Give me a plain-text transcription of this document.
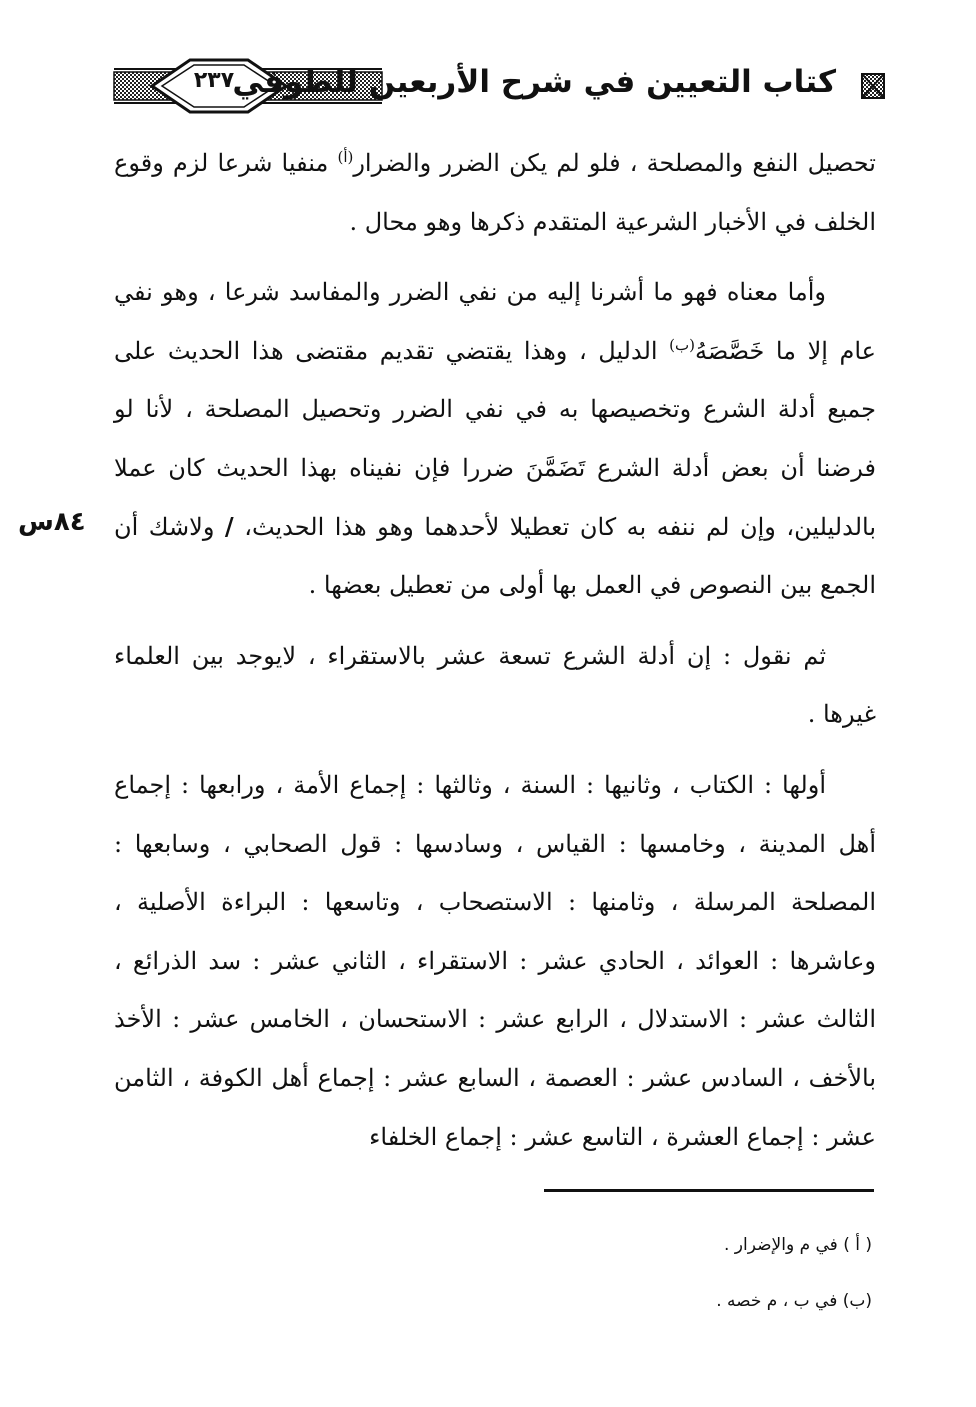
كتاب التعيين في شرح الأربعين للطوفي
٢٣٧

تحصيل النفع والمصلحة ، فلو لم يكن الضرر والضرار$^{(أ)}$ منفيا شرعا لزم وقوع الخلف في الأخبار الشرعية المتقدم ذكرها وهو محال .

وأما معناه فهو ما أشرنا إليه من نفي الضرر والمفاسد شرعا ، وهو نفي عام إلا ما خَصَّصَهُ$^{(ب)}$ الدليل ، وهذا يقتضي تقديم مقتضى هذا الحديث على جميع أدلة الشرع وتخصيصها به في نفي الضرر وتحصيل المصلحة ، لأنا لو فرضنا أن بعض أدلة الشرع تَضَمَّنَ ضررا فإن نفيناه بهذا الحديث كان عملا بالدليلين، وإن لم ننفه به كان تعطيلا لأحدهما وهو هذا الحديث، / ولاشك أن الجمع بين النصوص في العمل بها أولى من تعطيل بعضها .

ثم نقول : إن أدلة الشرع تسعة عشر بالاستقراء ، لايوجد بين العلماء غيرها .

أولها : الكتاب ، وثانيها : السنة ، وثالثها : إجماع الأمة ، ورابعها : إجماع أهل المدينة ، وخامسها : القياس ، وسادسها : قول الصحابي ، وسابعها : المصلحة المرسلة ، وثامنها : الاستصحاب ، وتاسعها : البراءة الأصلية ، وعاشرها : العوائد ، الحادي عشر : الاستقراء ، الثاني عشر : سد الذرائع ، الثالث عشر : الاستدلال ، الرابع عشر : الاستحسان ، الخامس عشر : الأخذ بالأخف ، السادس عشر : العصمة ، السابع عشر : إجماع أهل الكوفة ، الثامن عشر : إجماع العشرة ، التاسع عشر : إجماع الخلفاء

٨٤س

( أ ) في م والإضرار .

(ب) في ب ، م خصه .
